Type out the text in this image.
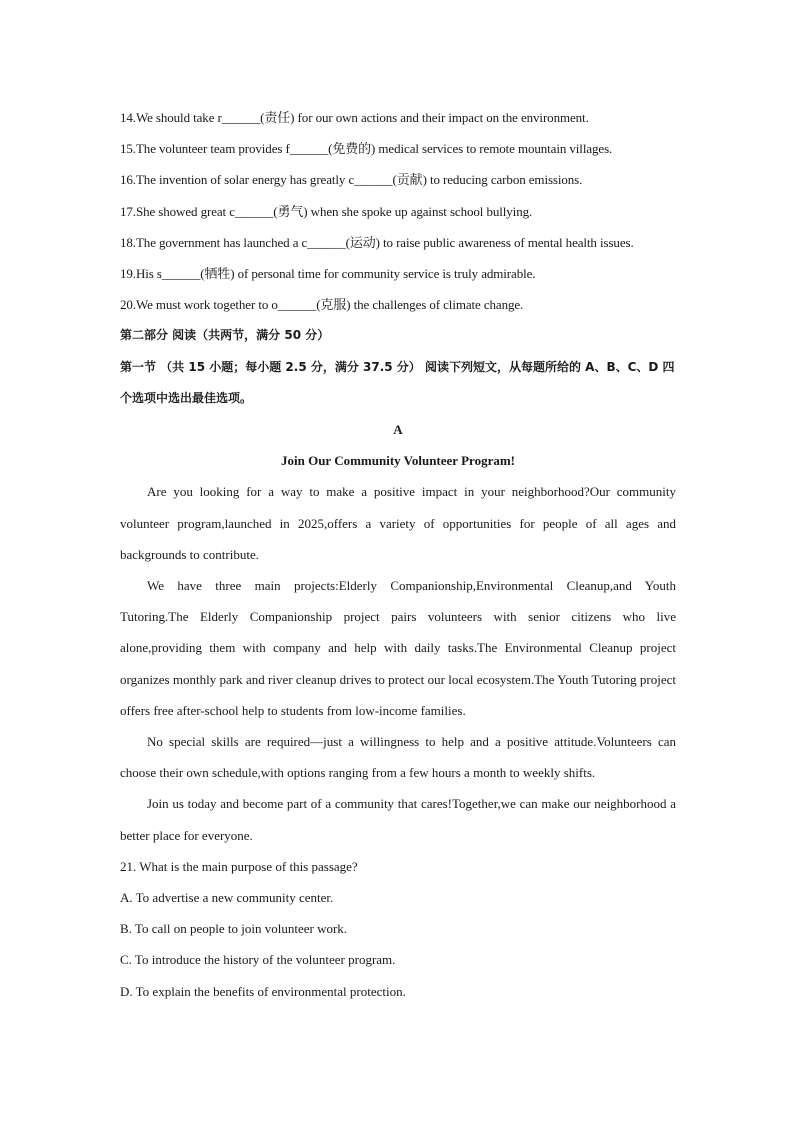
14.We should take r______(责任) for our own actions and their impact on the environment.
15.The volunteer team provides f______(免费的) medical services to remote mountain villages.
16.The invention of solar energy has greatly c______(贡献) to reducing carbon emissions.
17.She showed great c______(勇气) when she spoke up against school bullying.
18.The government has launched a c______(运动) to raise public awareness of mental health issues.
19.His s______(牺牲) of personal time for community service is truly admirable.
20.We must work together to o______(克服) the challenges of climate change.

第二部分 阅读（共两节，满分 50 分）

第一节 （共 15 小题；每小题 2.5 分，满分 37.5 分） 阅读下列短文，从每题所给的 A、B、C、D 四个选项中选出最佳选项。

A
Join Our Community Volunteer Program!

Are you looking for a way to make a positive impact in your neighborhood?Our community volunteer program,launched in 2025,offers a variety of opportunities for people of all ages and backgrounds to contribute.

We have three main projects:Elderly Companionship,Environmental Cleanup,and Youth Tutoring.The Elderly Companionship project pairs volunteers with senior citizens who live alone,providing them with company and help with daily tasks.The Environmental Cleanup project organizes monthly park and river cleanup drives to protect our local ecosystem.The Youth Tutoring project offers free after-school help to students from low-income families.

No special skills are required—just a willingness to help and a positive attitude.Volunteers can choose their own schedule,with options ranging from a few hours a month to weekly shifts.

Join us today and become part of a community that cares!Together,we can make our neighborhood a better place for everyone.

21. What is the main purpose of this passage?
A. To advertise a new community center.
B. To call on people to join volunteer work.
C. To introduce the history of the volunteer program.
D. To explain the benefits of environmental protection.
